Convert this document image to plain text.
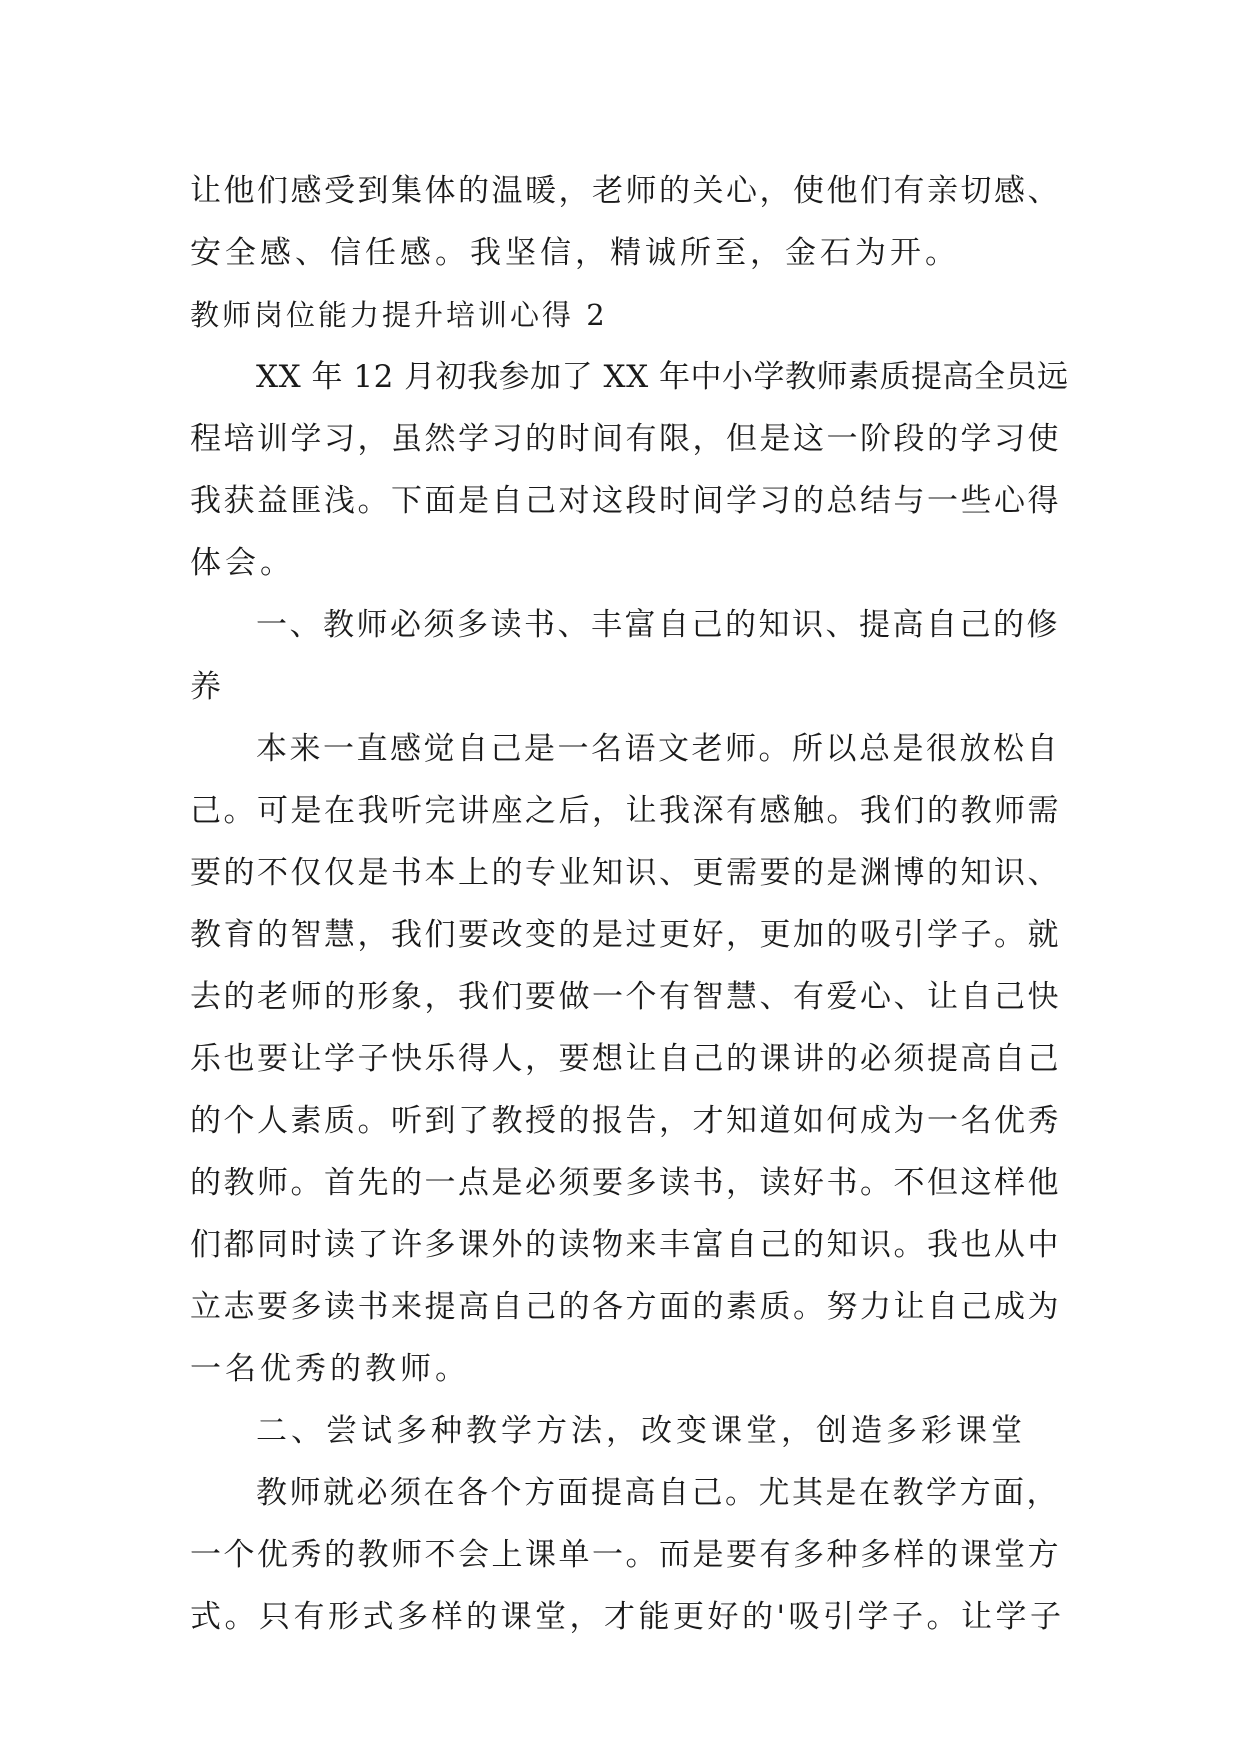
让他们感受到集体的温暖，老师的关心，使他们有亲切感、
安全感、信任感。我坚信，精诚所至，金石为开。
教师岗位能力提升培训心得 2
XX 年 12 月初我参加了 XX 年中小学教师素质提高全员远
程培训学习，虽然学习的时间有限，但是这一阶段的学习使
我获益匪浅。下面是自己对这段时间学习的总结与一些心得
体会。
一、教师必须多读书、丰富自己的知识、提高自己的修
养
本来一直感觉自己是一名语文老师。所以总是很放松自
己。可是在我听完讲座之后，让我深有感触。我们的教师需
要的不仅仅是书本上的专业知识、更需要的是渊博的知识、
教育的智慧，我们要改变的是过更好，更加的吸引学子。就
去的老师的形象，我们要做一个有智慧、有爱心、让自己快
乐也要让学子快乐得人，要想让自己的课讲的必须提高自己
的个人素质。听到了教授的报告，才知道如何成为一名优秀
的教师。首先的一点是必须要多读书，读好书。不但这样他
们都同时读了许多课外的读物来丰富自己的知识。我也从中
立志要多读书来提高自己的各方面的素质。努力让自己成为
一名优秀的教师。
二、尝试多种教学方法，改变课堂，创造多彩课堂
教师就必须在各个方面提高自己。尤其是在教学方面，
一个优秀的教师不会上课单一。而是要有多种多样的课堂方
式。只有形式多样的课堂，才能更好的'吸引学子。让学子
